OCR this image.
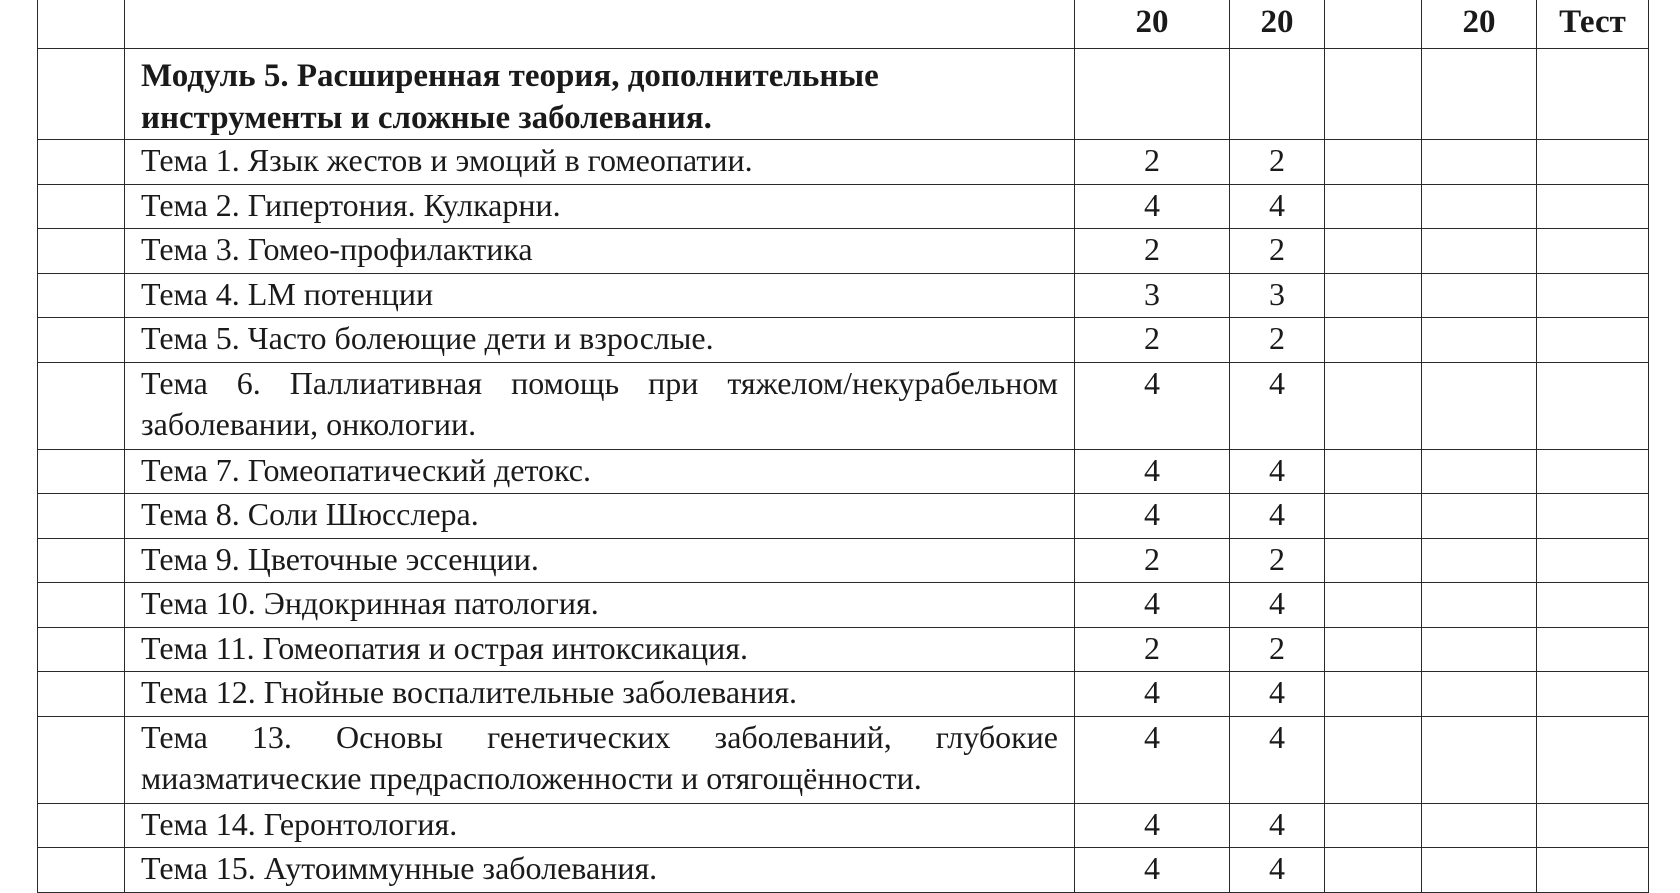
		20	20		20	Тест
	Модуль 5. Расширенная теория, дополнительные инструменты и сложные заболевания.					
	Тема 1. Язык жестов и эмоций в гомеопатии.	2	2			
	Тема 2. Гипертония. Кулкарни.	4	4			
	Тема 3. Гомео-профилактика	2	2			
	Тема 4. LM потенции	3	3			
	Тема 5. Часто болеющие дети и взрослые.	2	2			
	Тема 6. Паллиативная помощь при тяжелом/некурабельном заболевании, онкологии.	4	4			
	Тема 7. Гомеопатический детокс.	4	4			
	Тема 8. Соли Шюсслера.	4	4			
	Тема 9. Цветочные эссенции.	2	2			
	Тема 10. Эндокринная патология.	4	4			
	Тема 11. Гомеопатия и острая интоксикация.	2	2			
	Тема 12. Гнойные воспалительные заболевания.	4	4			
	Тема 13. Основы генетических заболеваний, глубокие миазматические предрасположенности и отягощённости.	4	4			
	Тема 14. Геронтология.	4	4			
	Тема 15. Аутоиммунные заболевания.	4	4			
